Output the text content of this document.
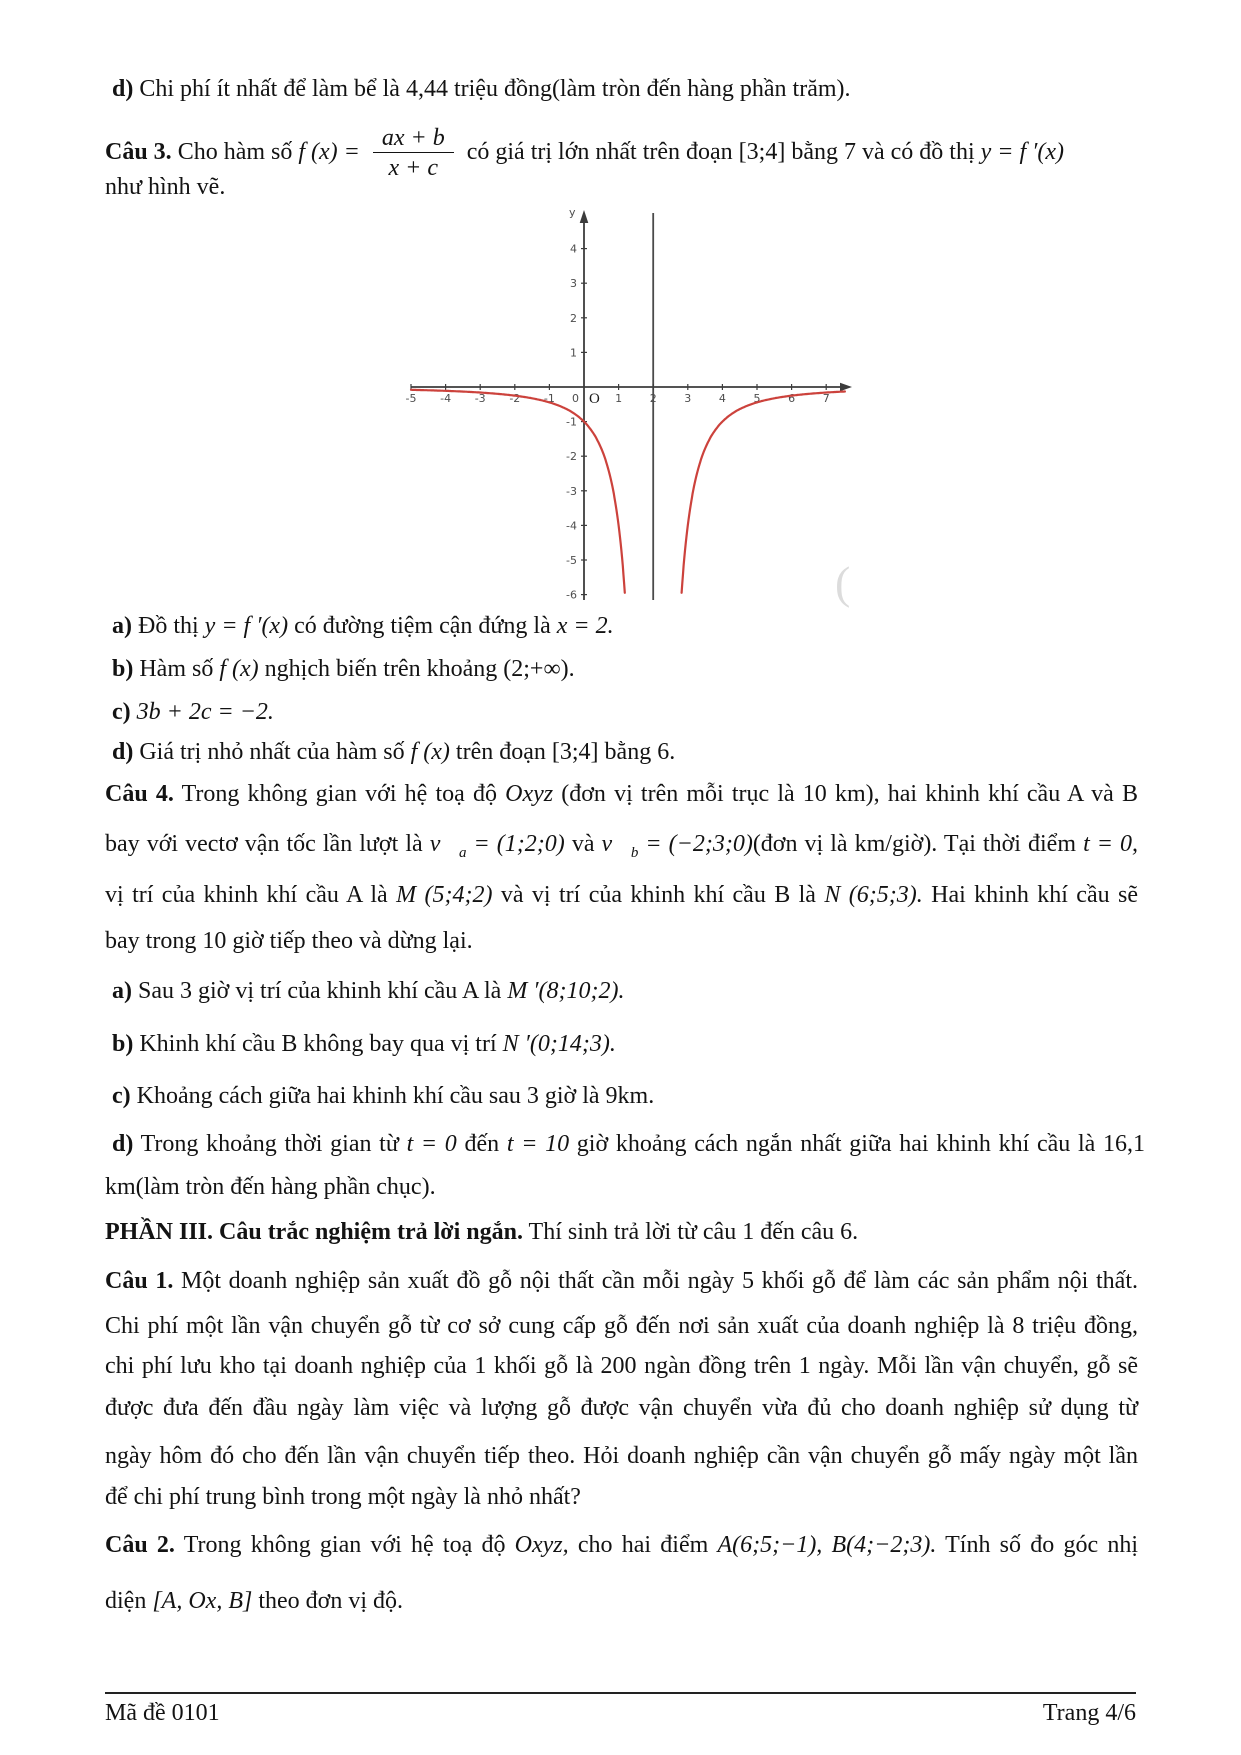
d) Chi phí ít nhất để làm bể là 4,44 triệu đồng(làm tròn đến hàng phần trăm).
Câu 3. Cho hàm số f $(x) = \frac{ax + b}{x + c}$ có giá trị lớn nhất trên đoạn [3;4] bằng 7 và có đồ thị y = f ′(x)
như hình vẽ.
-5 -4 -3 -2 -1 0	1	2	3	4	5	6	7
4
3
2
1
-1
-2
-3
-4
-5
-6
O
y
(
a) Đồ thị y = f ′(x) có đường tiệm cận đứng là x = 2.
b) Hàm số f (x) nghịch biến trên khoảng (2;+∞).
c) 3b + 2c = −2.
d) Giá trị nhỏ nhất của hàm số f (x) trên đoạn [3;4] bằng 6.
Câu 4. Trong không gian với hệ toạ độ Oxyz (đơn vị trên mỗi trục là 10 km), hai khinh khí cầu A và B
bay với vectơ vận tốc lần lượt là $v⃗_a$ = (1;2;0) và $v⃗_b$ = (−2;3;0)(đơn vị là km/giờ). Tại thời điểm t = 0,
vị trí của khinh khí cầu A là M (5;4;2) và vị trí của khinh khí cầu B là N (6;5;3). Hai khinh khí cầu sẽ
bay trong 10 giờ tiếp theo và dừng lại.
a) Sau 3 giờ vị trí của khinh khí cầu A là M ′(8;10;2).
b) Khinh khí cầu B không bay qua vị trí N ′(0;14;3).
c) Khoảng cách giữa hai khinh khí cầu sau 3 giờ là 9km.
d) Trong khoảng thời gian từ t = 0 đến t = 10 giờ khoảng cách ngắn nhất giữa hai khinh khí cầu là 16,1
km(làm tròn đến hàng phần chục).
PHẦN III. Câu trắc nghiệm trả lời ngắn. Thí sinh trả lời từ câu 1 đến câu 6.
Câu 1. Một doanh nghiệp sản xuất đồ gỗ nội thất cần mỗi ngày 5 khối gỗ để làm các sản phẩm nội thất.
Chi phí một lần vận chuyển gỗ từ cơ sở cung cấp gỗ đến nơi sản xuất của doanh nghiệp là 8 triệu đồng,
chi phí lưu kho tại doanh nghiệp của 1 khối gỗ là 200 ngàn đồng trên 1 ngày. Mỗi lần vận chuyển, gỗ sẽ
được đưa đến đầu ngày làm việc và lượng gỗ được vận chuyển vừa đủ cho doanh nghiệp sử dụng từ
ngày hôm đó cho đến lần vận chuyển tiếp theo. Hỏi doanh nghiệp cần vận chuyển gỗ mấy ngày một lần
để chi phí trung bình trong một ngày là nhỏ nhất?
Câu 2. Trong không gian với hệ toạ độ Oxyz, cho hai điểm A(6;5;−1), B(4;−2;3). Tính số đo góc nhị
diện [A, Ox, B] theo đơn vị độ.
Mã đề 0101	Trang 4/6
